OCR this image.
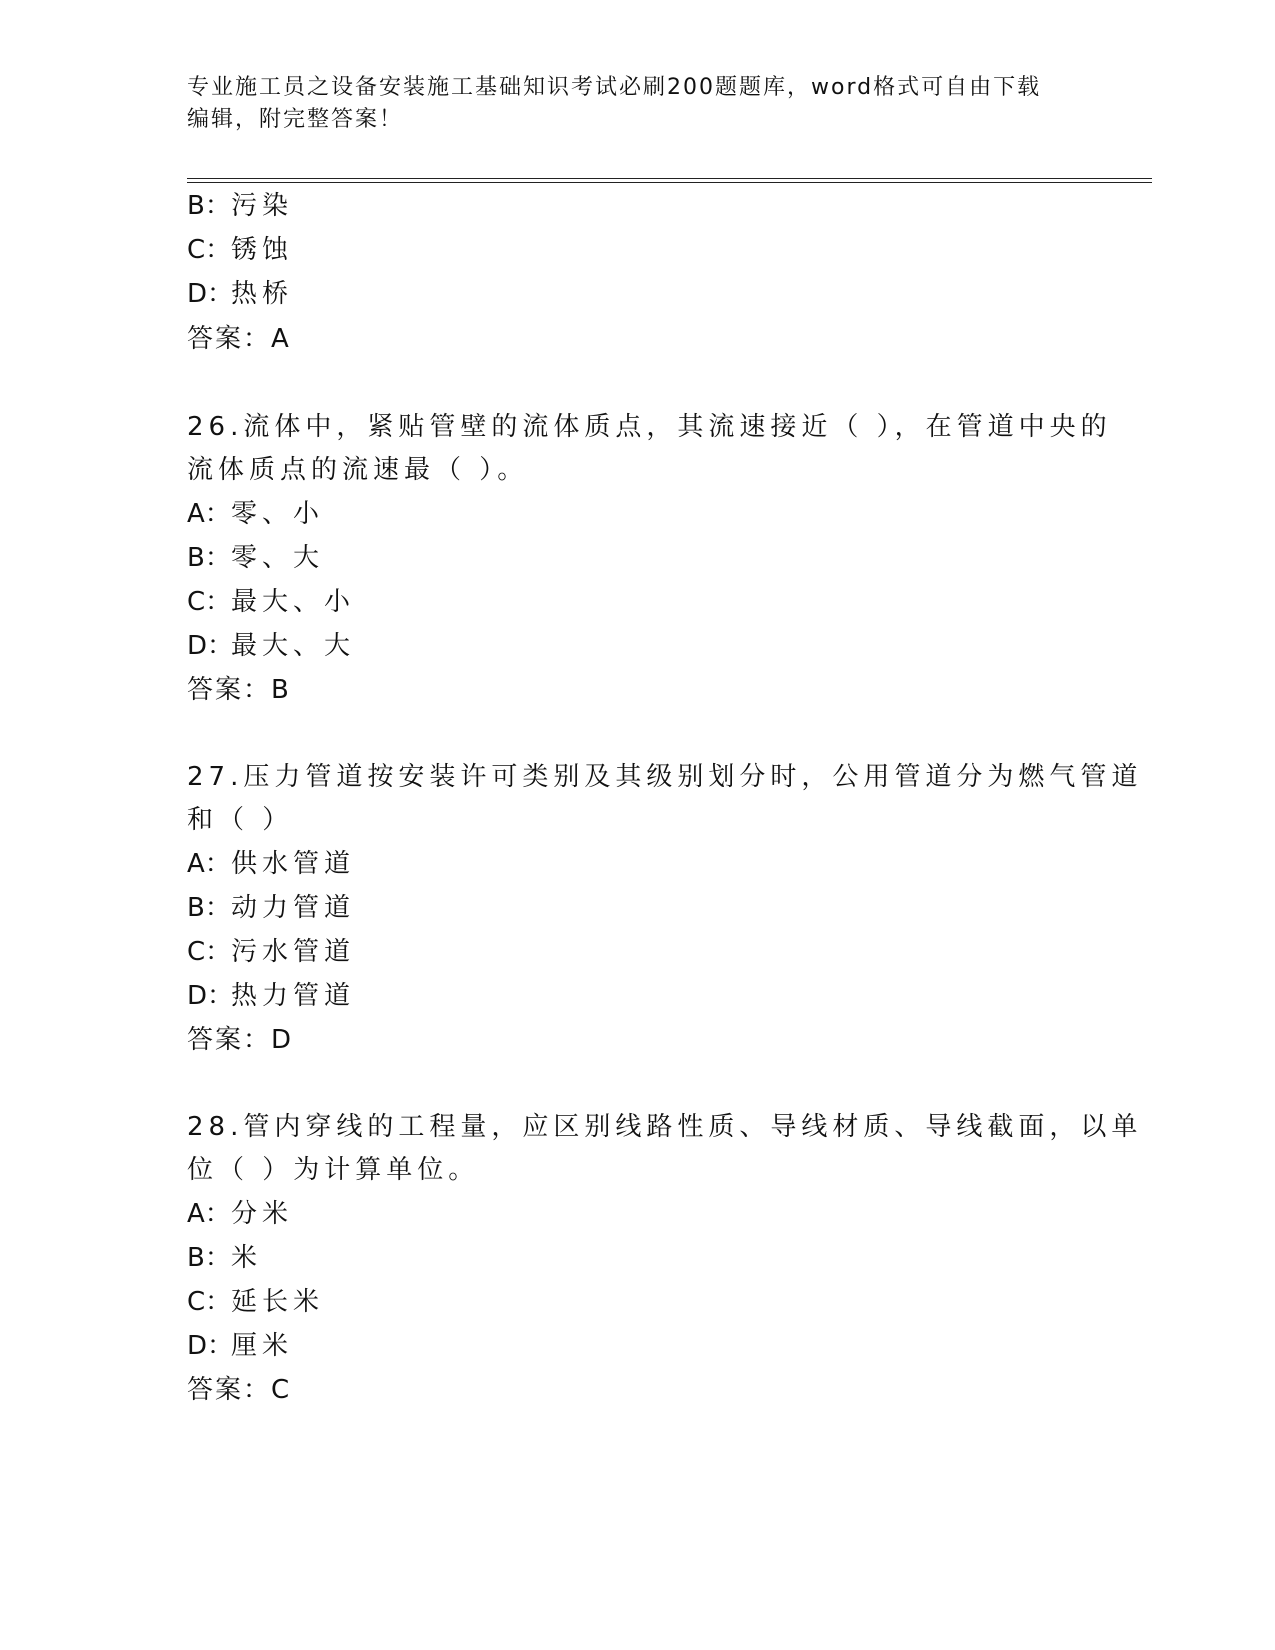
专业施工员之设备安装施工基础知识考试必刷200题题库，word格式可自由下载
编辑，附完整答案！
B：污染
C：锈蚀
D：热桥
答案：A
26.流体中，紧贴管壁的流体质点，其流速接近（ ），在管道中央的
流体质点的流速最（ ）。
A：零、小
B：零、大
C：最大、小
D：最大、大
答案：B
27.压力管道按安装许可类别及其级别划分时，公用管道分为燃气管道
和（ ）
A：供水管道
B：动力管道
C：污水管道
D：热力管道
答案：D
28.管内穿线的工程量，应区别线路性质、导线材质、导线截面，以单
位（ ）为计算单位。
A：分米
B：米
C：延长米
D：厘米
答案：C
